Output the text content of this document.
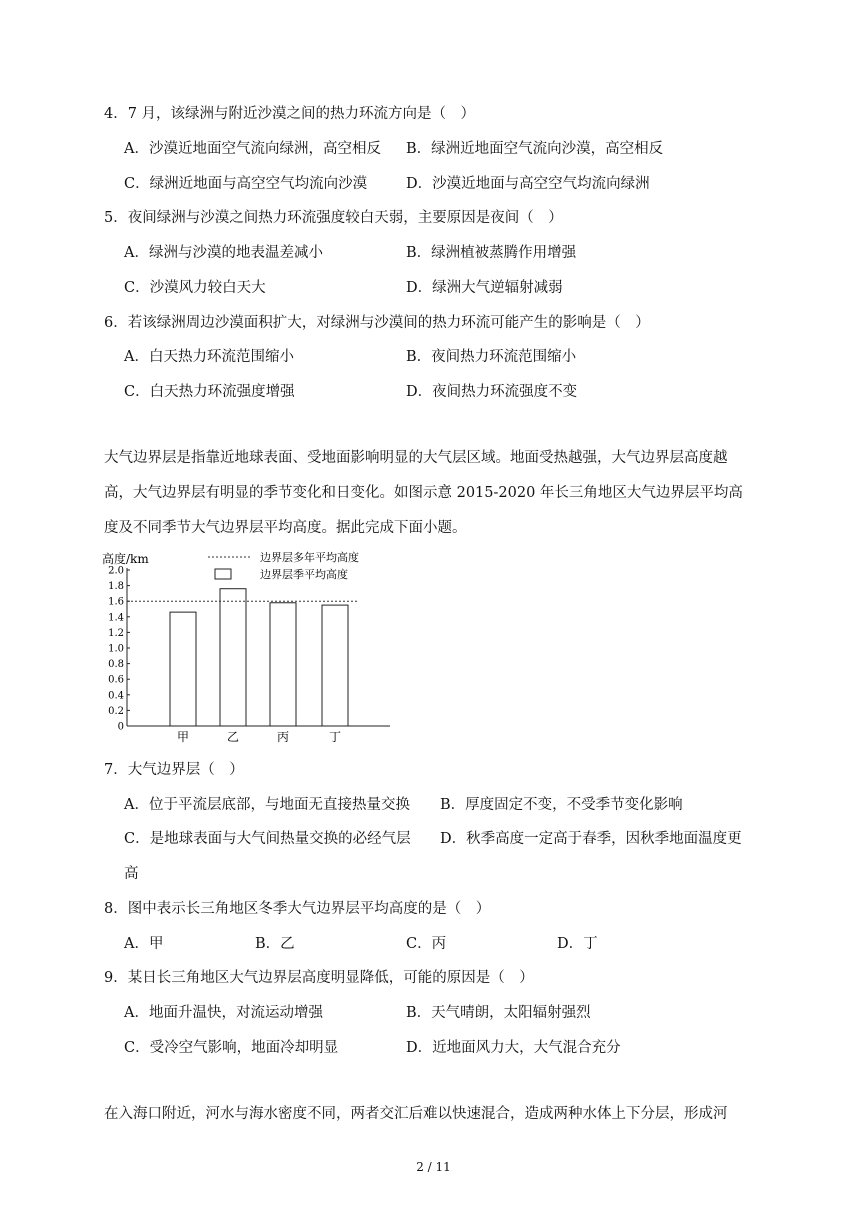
4．7 月，该绿洲与附近沙漠之间的热力环流方向是（　）
A．沙漠近地面空气流向绿洲，高空相反 B．绿洲近地面空气流向沙漠，高空相反
C．绿洲近地面与高空空气均流向沙漠	D．沙漠近地面与高空空气均流向绿洲
5．夜间绿洲与沙漠之间热力环流强度较白天弱，主要原因是夜间（　）
A．绿洲与沙漠的地表温差减小	B．绿洲植被蒸腾作用增强
C．沙漠风力较白天大	D．绿洲大气逆辐射减弱
6．若该绿洲周边沙漠面积扩大，对绿洲与沙漠间的热力环流可能产生的影响是（　）
A．白天热力环流范围缩小	B．夜间热力环流范围缩小
C．白天热力环流强度增强	D．夜间热力环流强度不变
大气边界层是指靠近地球表面、受地面影响明显的大气层区域。地面受热越强，大气边界层高度越
高，大气边界层有明显的季节变化和日变化。如图示意 2015-2020 年长三角地区大气边界层平均高
度及不同季节大气边界层平均高度。据此完成下面小题。
高度/km	边界层多年平均高度
边界层季平均高度
0
0.2
0.4
0.6
0.8
1.0
1.2
1.4
1.6
1.8
2.0
甲	乙	丙	丁
7．大气边界层（　）
A．位于平流层底部，与地面无直接热量交换 B．厚度固定不变，不受季节变化影响
C．是地球表面与大气间热量交换的必经气层 D．秋季高度一定高于春季，因秋季地面温度更
高
8．图中表示长三角地区冬季大气边界层平均高度的是（　）
A．甲	B．乙	C．丙	D．丁
9．某日长三角地区大气边界层高度明显降低，可能的原因是（　）
A．地面升温快，对流运动增强	B．天气晴朗，太阳辐射强烈
C．受冷空气影响，地面冷却明显	D．近地面风力大，大气混合充分
在入海口附近，河水与海水密度不同，两者交汇后难以快速混合，造成两种水体上下分层，形成河
2 / 11
